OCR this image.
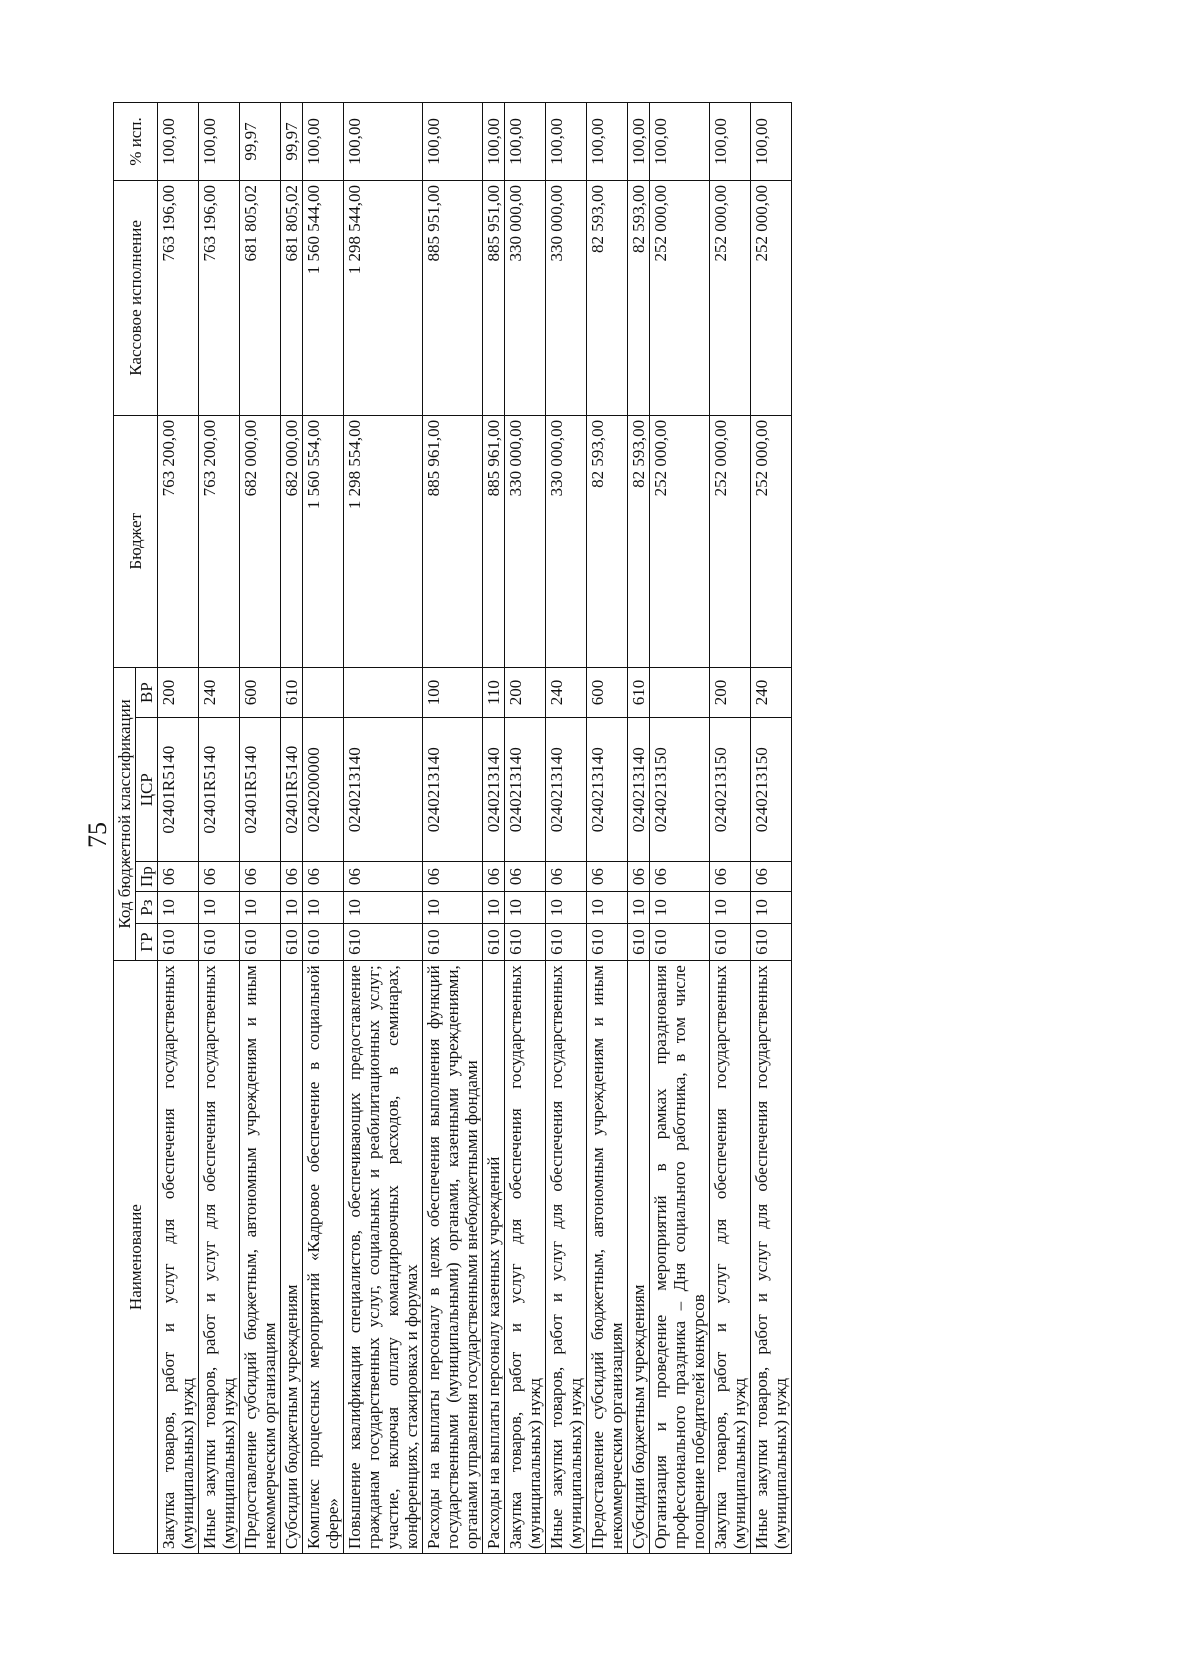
75
Наименование	Код бюджетной классификации					Бюджет	Кассовое исполнение	% исп.
	ГР	Рз	Пр	ЦСР	ВР			

Закупка товаров, работ и услуг для обеспечения государственных (муниципальных) нужд	610	10	06	02401R5140	200	763 200,00	763 196,00	100,00
Иные закупки товаров, работ и услуг для обеспечения государственных (муниципальных) нужд	610	10	06	02401R5140	240	763 200,00	763 196,00	100,00
Предоставление субсидий бюджетным, автономным учреждениям и иным некоммерческим организациям	610	10	06	02401R5140	600	682 000,00	681 805,02	99,97
Субсидии бюджетным учреждениям	610	10	06	02401R5140	610	682 000,00	681 805,02	99,97
Комплекс процессных мероприятий «Кадровое обеспечение в социальной сфере»	610	10	06	0240200000		1 560 554,00	1 560 544,00	100,00
Повышение квалификации специалистов, обеспечивающих предоставление гражданам государственных услуг, социальных и реабилитационных услуг; участие, включая оплату командировочных расходов, в семинарах, конференциях, стажировках и форумах	610	10	06	0240213140		1 298 554,00	1 298 544,00	100,00
Расходы на выплаты персоналу в целях обеспечения выполнения функций государственными (муниципальными) органами, казенными учреждениями, органами управления государственными внебюджетными фондами	610	10	06	0240213140	100	885 961,00	885 951,00	100,00
Расходы на выплаты персоналу казенных учреждений	610	10	06	0240213140	110	885 961,00	885 951,00	100,00
Закупка товаров, работ и услуг для обеспечения государственных (муниципальных) нужд	610	10	06	0240213140	200	330 000,00	330 000,00	100,00
Иные закупки товаров, работ и услуг для обеспечения государственных (муниципальных) нужд	610	10	06	0240213140	240	330 000,00	330 000,00	100,00
Предоставление субсидий бюджетным, автономным учреждениям и иным некоммерческим организациям	610	10	06	0240213140	600	82 593,00	82 593,00	100,00
Субсидии бюджетным учреждениям	610	10	06	0240213140	610	82 593,00	82 593,00	100,00
Организация и проведение мероприятий в рамках празднования профессионального праздника – Дня социального работника, в том числе поощрение победителей конкурсов	610	10	06	0240213150		252 000,00	252 000,00	100,00
Закупка товаров, работ и услуг для обеспечения государственных (муниципальных) нужд	610	10	06	0240213150	200	252 000,00	252 000,00	100,00
Иные закупки товаров, работ и услуг для обеспечения государственных (муниципальных) нужд	610	10	06	0240213150	240	252 000,00	252 000,00	100,00
